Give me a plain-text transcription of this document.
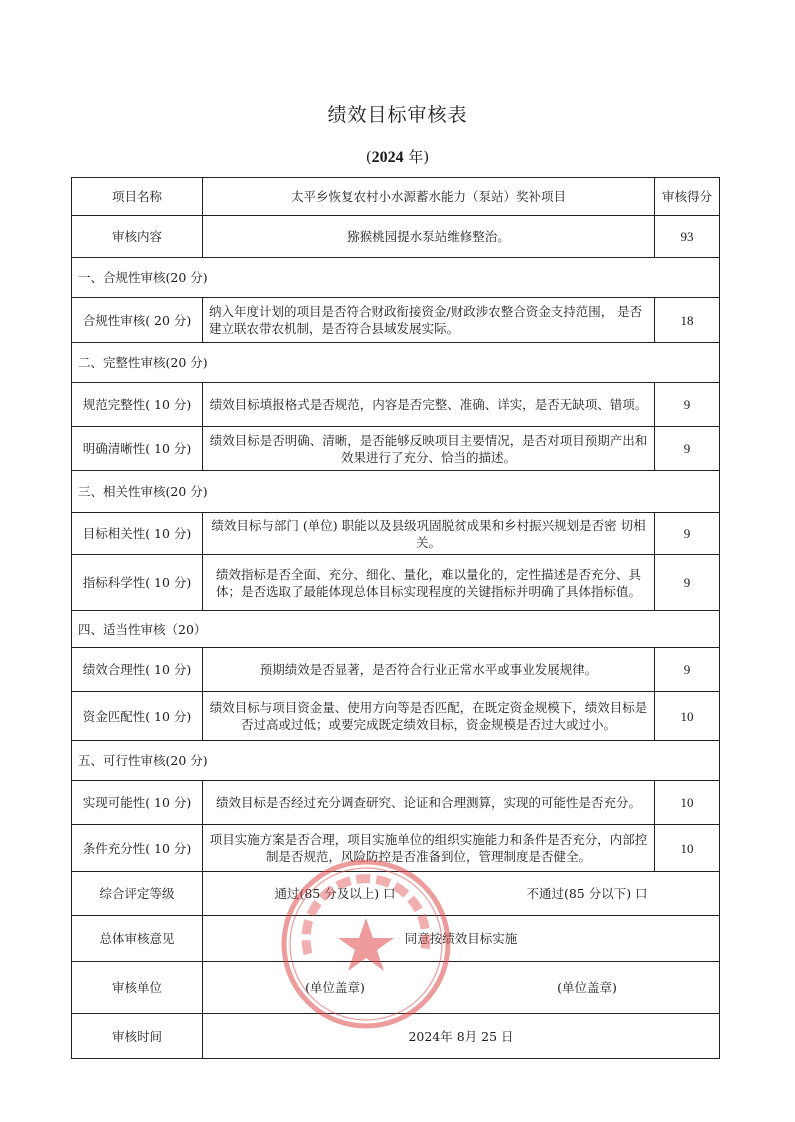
绩效目标审核表
(2024 年)
项目名称	太平乡恢复农村小水源蓄水能力（泵站）奖补项目	审核得分
审核内容	猕猴桃园提水泵站维修整治。	93
一、合规性审核(20 分)		
合规性审核( 20 分)	纳入年度计划的项目是否符合财政衔接资金/财政涉农整合资金支持范围， 是否建立联农带农机制，是否符合县域发展实际。	18
二、完整性审核(20 分)		
规范完整性( 10 分)	绩效目标填报格式是否规范，内容是否完整、准确、详实，是否无缺项、错项。	9
明确清晰性( 10 分)	绩效目标是否明确、清晰，是否能够反映项目主要情况，是否对项目预期产出和效果进行了充分、恰当的描述。	9
三、相关性审核(20 分)		
目标相关性( 10 分)	绩效目标与部门 (单位) 职能以及县级巩固脱贫成果和乡村振兴规划是否密 切相关。	9
指标科学性( 10 分)	绩效指标是否全面、充分、细化、量化，难以量化的，定性描述是否充分、具体；是否选取了最能体现总体目标实现程度的关键指标并明确了具体指标值。	9
四、适当性审核（20）		
绩效合理性( 10 分)	预期绩效是否显著，是否符合行业正常水平或事业发展规律。	9
资金匹配性( 10 分)	绩效目标与项目资金量、使用方向等是否匹配，在既定资金规模下，绩效目标是否过高或过低；或要完成既定绩效目标，资金规模是否过大或过小。	10
五、可行性审核(20 分)		
实现可能性( 10 分)	绩效目标是否经过充分调查研究、论证和合理测算，实现的可能性是否充分。	10
条件充分性( 10 分)	项目实施方案是否合理，项目实施单位的组织实施能力和条件是否充分，内部控制是否规范，风险防控是否准备到位，管理制度是否健全。	10
综合评定等级	通过(85 分及以上) 口 不通过(85 分以下) 口	

总体审核意见	同意按绩效目标实施	
审核单位	(单位盖章) (单位盖章)	

审核时间	2024年 8月 25 日	
